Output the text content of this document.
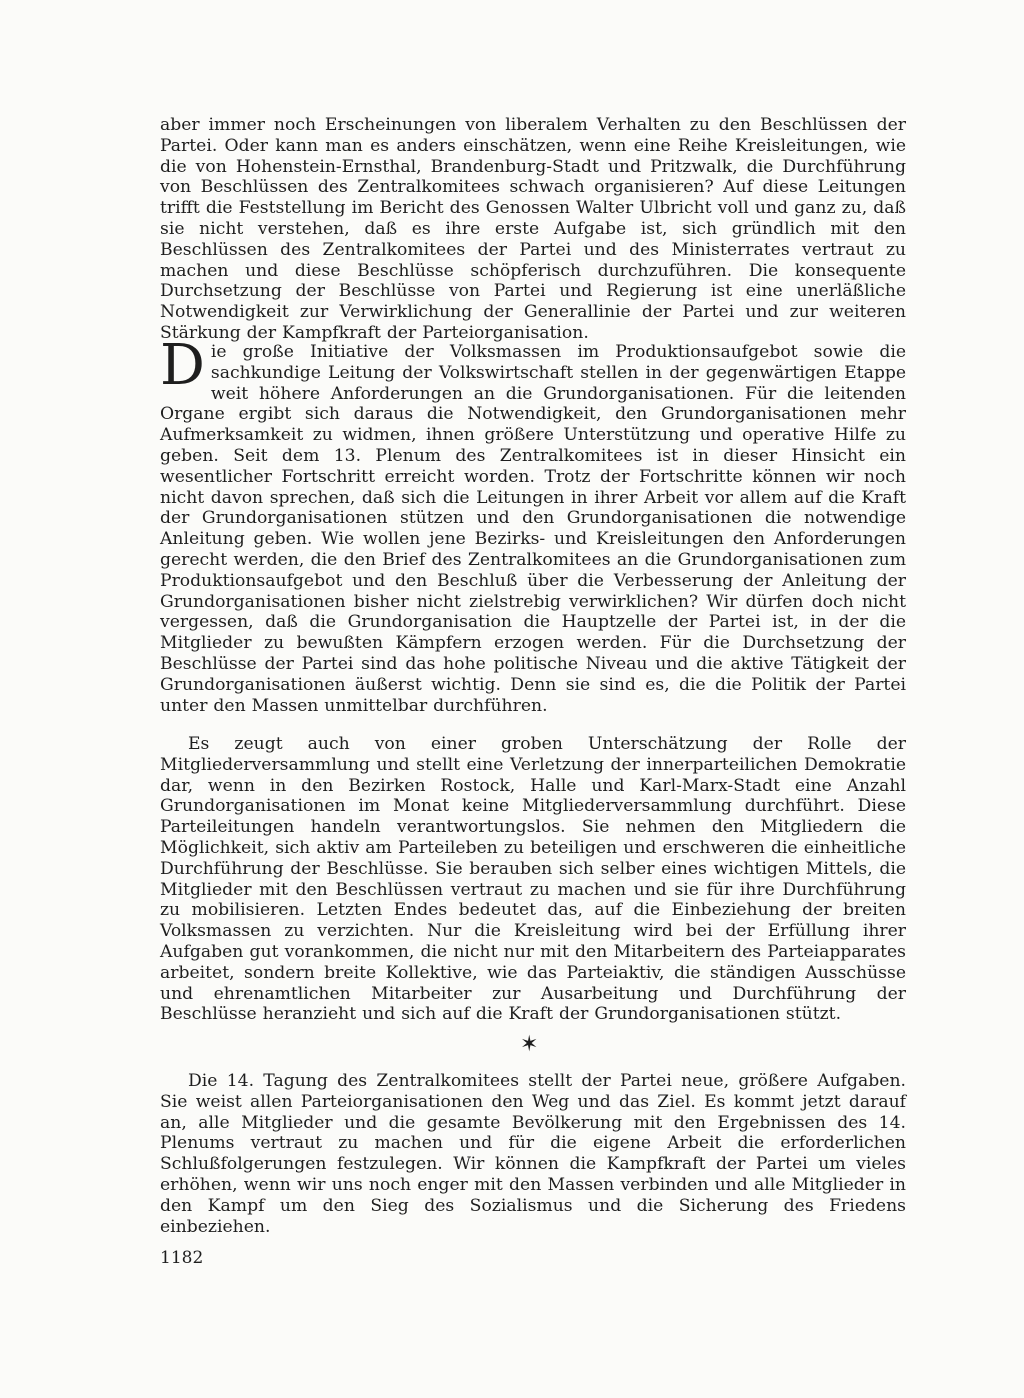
aber immer noch Erscheinungen von liberalem Verhalten zu den Beschlüssen der Partei. Oder kann man es anders einschätzen, wenn eine Reihe Kreisleitungen, wie die von Hohenstein-Ernsthal, Brandenburg-Stadt und Pritzwalk, die Durchführung von Beschlüssen des Zentralkomitees schwach organisieren? Auf diese Leitungen trifft die Feststellung im Bericht des Genossen Walter Ulbricht voll und ganz zu, daß sie nicht verstehen, daß es ihre erste Aufgabe ist, sich gründlich mit den Beschlüssen des Zentralkomitees der Partei und des Ministerrates vertraut zu machen und diese Beschlüsse schöpferisch durchzuführen. Die konsequente Durchsetzung der Beschlüsse von Partei und Regierung ist eine unerläßliche Notwendigkeit zur Verwirklichung der Generallinie der Partei und zur weiteren Stärkung der Kampfkraft der Parteiorganisation.

Die große Initiative der Volksmassen im Produktionsaufgebot sowie die sachkundige Leitung der Volkswirtschaft stellen in der gegenwärtigen Etappe weit höhere Anforderungen an die Grundorganisationen. Für die leitenden Organe ergibt sich daraus die Notwendigkeit, den Grundorganisationen mehr Aufmerksamkeit zu widmen, ihnen größere Unterstützung und operative Hilfe zu geben. Seit dem 13. Plenum des Zentralkomitees ist in dieser Hinsicht ein wesentlicher Fortschritt erreicht worden. Trotz der Fortschritte können wir noch nicht davon sprechen, daß sich die Leitungen in ihrer Arbeit vor allem auf die Kraft der Grundorganisationen stützen und den Grundorganisationen die notwendige Anleitung geben. Wie wollen jene Bezirks- und Kreisleitungen den Anforderungen gerecht werden, die den Brief des Zentralkomitees an die Grundorganisationen zum Produktionsaufgebot und den Beschluß über die Verbesserung der Anleitung der Grundorganisationen bisher nicht zielstrebig verwirklichen? Wir dürfen doch nicht vergessen, daß die Grundorganisation die Hauptzelle der Partei ist, in der die Mitglieder zu bewußten Kämpfern erzogen werden. Für die Durchsetzung der Beschlüsse der Partei sind das hohe politische Niveau und die aktive Tätigkeit der Grundorganisationen äußerst wichtig. Denn sie sind es, die die Politik der Partei unter den Massen unmittelbar durchführen.

Es zeugt auch von einer groben Unterschätzung der Rolle der Mitgliederversammlung und stellt eine Verletzung der innerparteilichen Demokratie dar, wenn in den Bezirken Rostock, Halle und Karl-Marx-Stadt eine Anzahl Grundorganisationen im Monat keine Mitgliederversammlung durchführt. Diese Parteileitungen handeln verantwortungslos. Sie nehmen den Mitgliedern die Möglichkeit, sich aktiv am Parteileben zu beteiligen und erschweren die einheitliche Durchführung der Beschlüsse. Sie berauben sich selber eines wichtigen Mittels, die Mitglieder mit den Beschlüssen vertraut zu machen und sie für ihre Durchführung zu mobilisieren. Letzten Endes bedeutet das, auf die Einbeziehung der breiten Volksmassen zu verzichten. Nur die Kreisleitung wird bei der Erfüllung ihrer Aufgaben gut vorankommen, die nicht nur mit den Mitarbeitern des Parteiapparates arbeitet, sondern breite Kollektive, wie das Parteiaktiv, die ständigen Ausschüsse und ehrenamtlichen Mitarbeiter zur Ausarbeitung und Durchführung der Beschlüsse heranzieht und sich auf die Kraft der Grundorganisationen stützt.

✶

Die 14. Tagung des Zentralkomitees stellt der Partei neue, größere Aufgaben. Sie weist allen Parteiorganisationen den Weg und das Ziel. Es kommt jetzt darauf an, alle Mitglieder und die gesamte Bevölkerung mit den Ergebnissen des 14. Plenums vertraut zu machen und für die eigene Arbeit die erforderlichen Schlußfolgerungen festzulegen. Wir können die Kampfkraft der Partei um vieles erhöhen, wenn wir uns noch enger mit den Massen verbinden und alle Mitglieder in den Kampf um den Sieg des Sozialismus und die Sicherung des Friedens einbeziehen.

1182
